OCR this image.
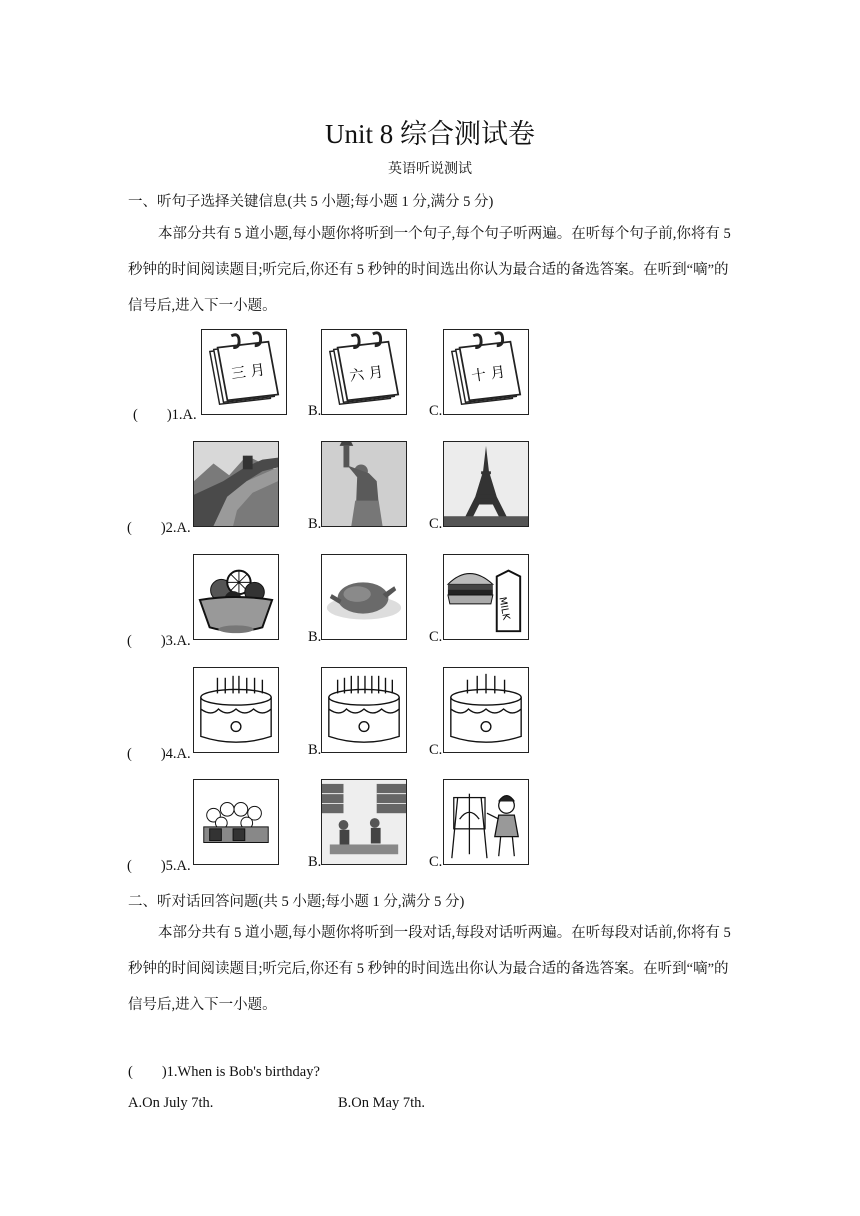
Unit 8 综合测试卷
英语听说测试
一、听句子选择关键信息(共 5 小题;每小题 1 分,满分 5 分)
本部分共有 5 道小题,每小题你将听到一个句子,每个句子听两遍。在听每个句子前,你将有 5 秒钟的时间阅读题目;听完后,你还有 5 秒钟的时间选出你认为最合适的备选答案。在听到“嘀”的信号后,进入下一小题。
(　　)1.A.
三 月
B.
六 月
C.
十 月
(　　)2.A.	B.	C.
(　　)3.A.	B.	C.
MILK
(　　)4.A.	B.	C.
(　　)5.A.	B.	C.
二、听对话回答问题(共 5 小题;每小题 1 分,满分 5 分)
本部分共有 5 道小题,每小题你将听到一段对话,每段对话听两遍。在听每段对话前,你将有 5 秒钟的时间阅读题目;听完后,你还有 5 秒钟的时间选出你认为最合适的备选答案。在听到“嘀”的信号后,进入下一小题。
(　　)1.When is Bob's birthday?
A.On July 7th.	B.On May 7th.
